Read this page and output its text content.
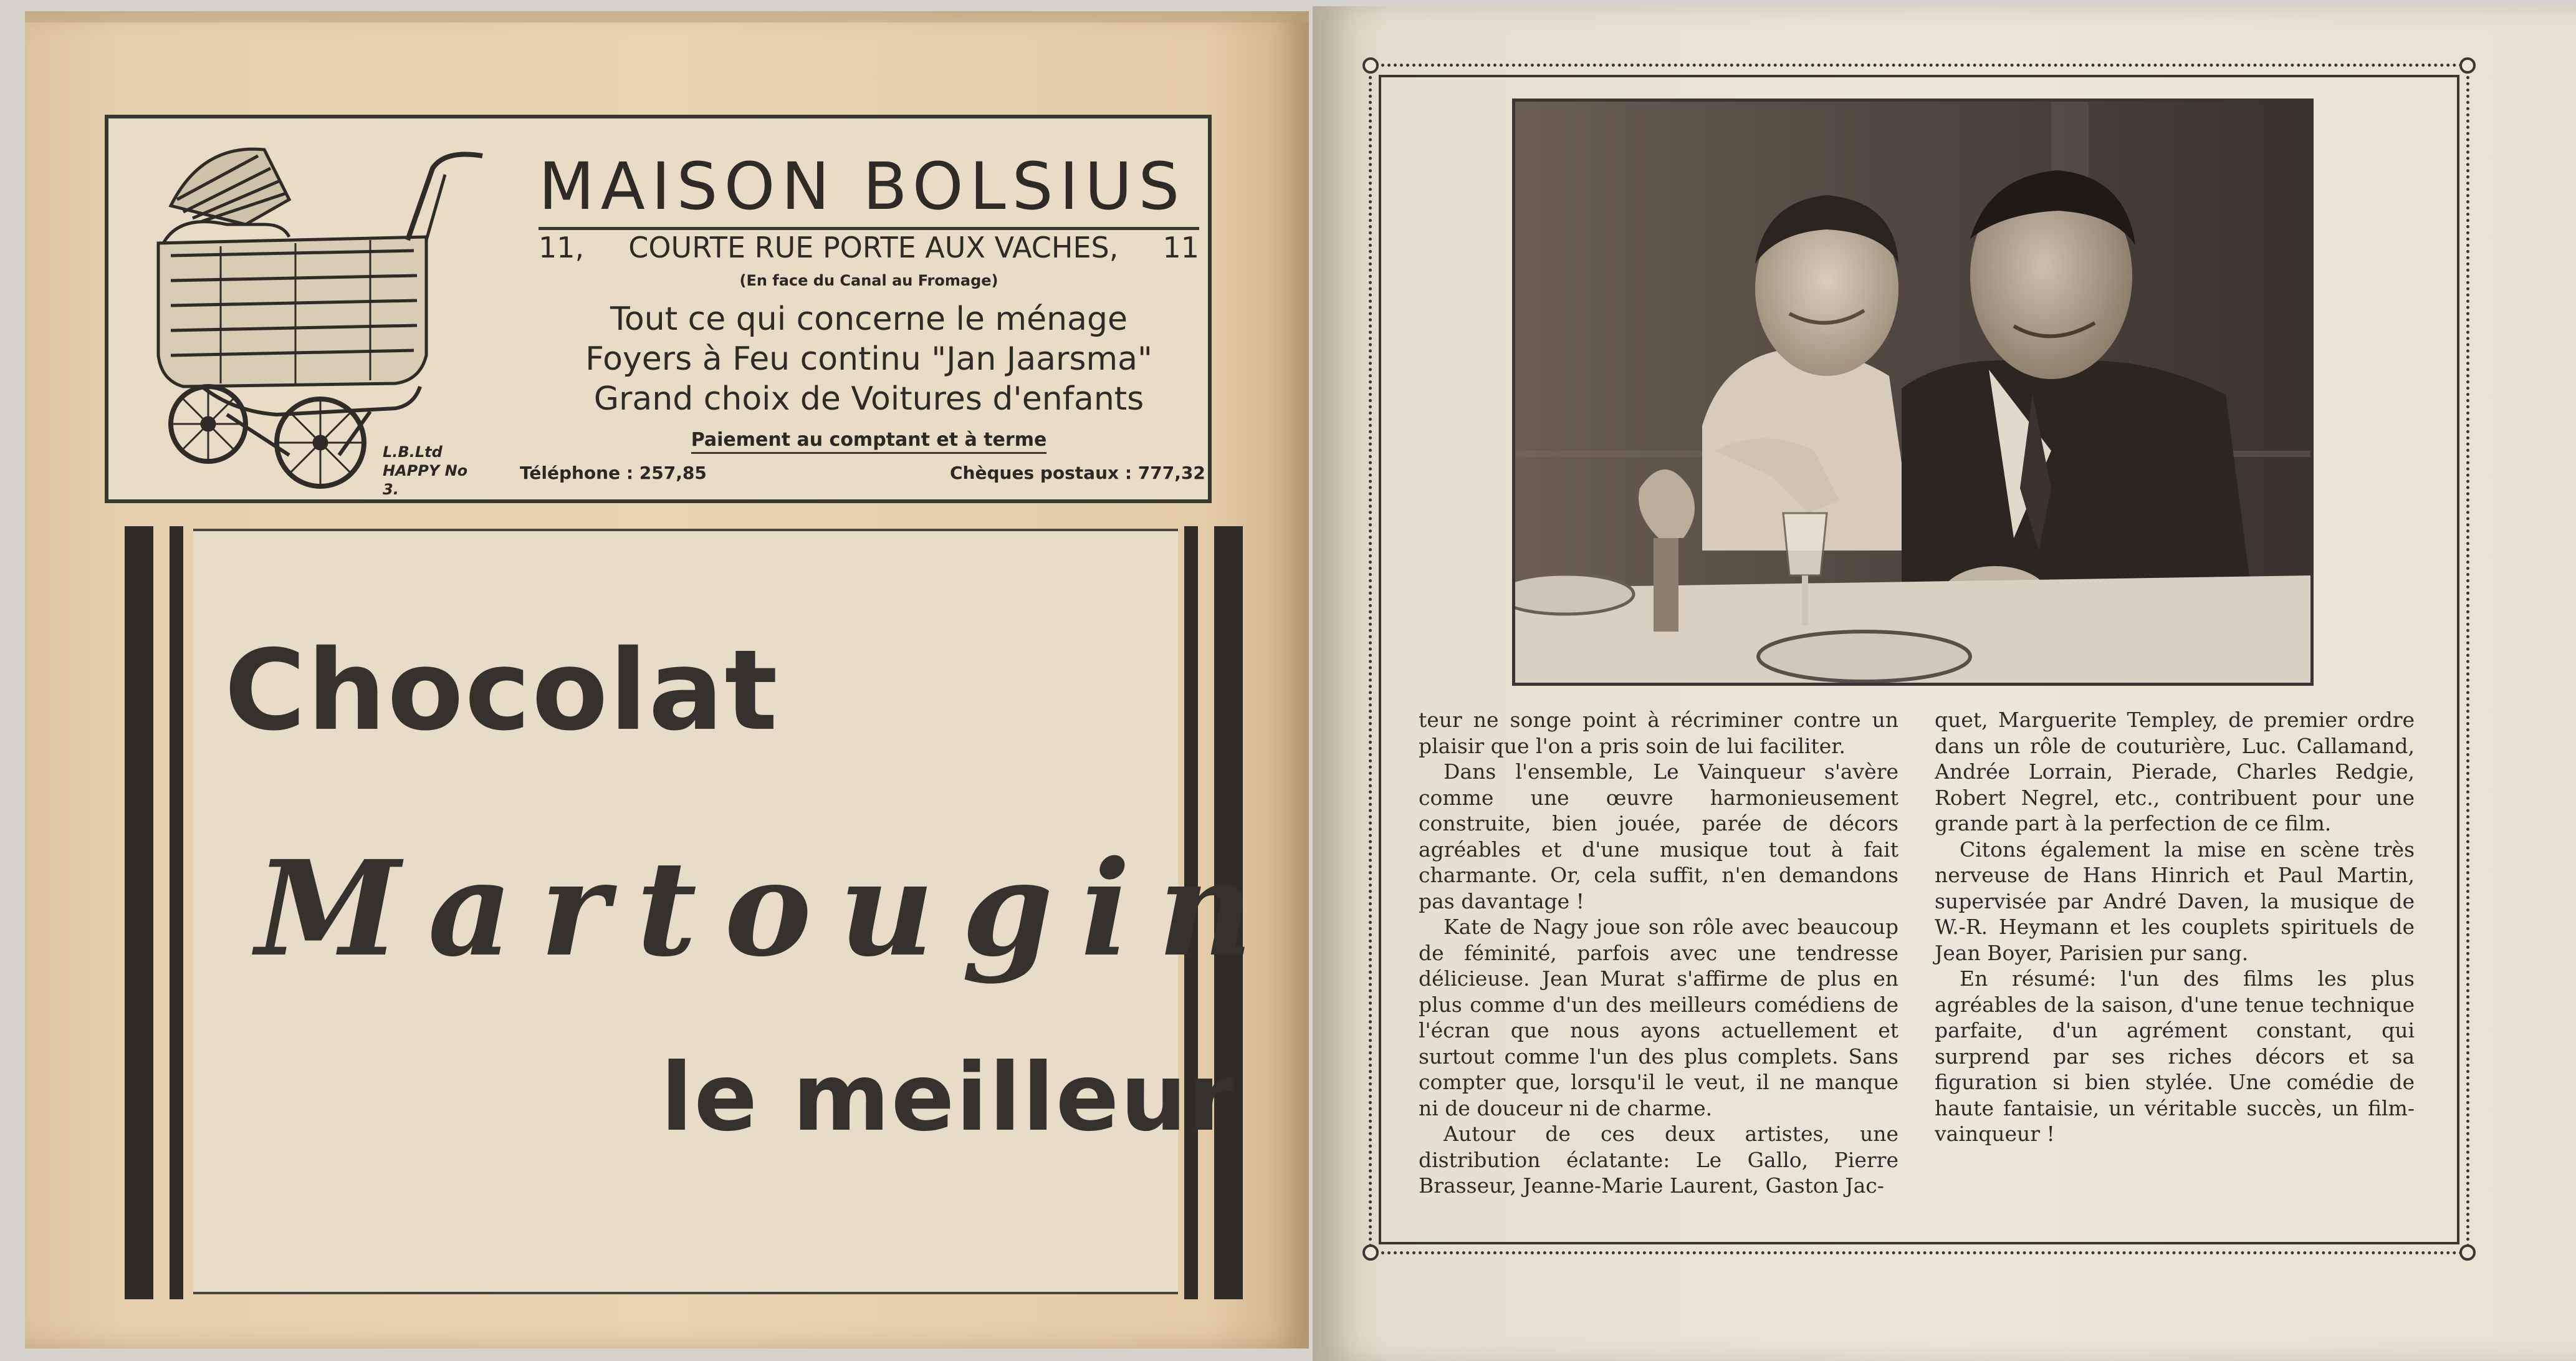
L.B.Ltd
HAPPY No 3.
MAISON BOLSIUS
11,	COURTE RUE PORTE AUX VACHES,	11
(En face du Canal au Fromage)
Tout ce qui concerne le ménage
Foyers à Feu continu "Jan Jaarsma"
Grand choix de Voitures d'enfants
Paiement au comptant et à terme
Téléphone : 257,85	Chèques postaux : 777,32
Chocolat
Martougin
le meilleur

teur ne songe point à récriminer contre un plaisir que l'on a pris soin de lui faciliter.

Dans l'ensemble, Le Vainqueur s'avère comme une œuvre harmonieusement construite, bien jouée, parée de décors agréables et d'une musique tout à fait charmante. Or, cela suffit, n'en demandons pas davantage !

Kate de Nagy joue son rôle avec beaucoup de féminité, parfois avec une tendresse délicieuse. Jean Murat s'affirme de plus en plus comme d'un des meilleurs comédiens de l'écran que nous ayons actuellement et surtout comme l'un des plus complets. Sans compter que, lorsqu'il le veut, il ne manque ni de douceur ni de charme.

Autour de ces deux artistes, une distribution éclatante: Le Gallo, Pierre Brasseur, Jeanne-Marie Laurent, Gaston Jac-

quet, Marguerite Templey, de premier ordre dans un rôle de couturière, Luc. Callamand, Andrée Lorrain, Pierade, Charles Redgie, Robert Negrel, etc., contribuent pour une grande part à la perfection de ce film.

Citons également la mise en scène très nerveuse de Hans Hinrich et Paul Martin, supervisée par André Daven, la musique de W.-R. Heymann et les couplets spirituels de Jean Boyer, Parisien pur sang.

En résumé: l'un des films les plus agréables de la saison, d'une tenue technique parfaite, d'un agrément constant, qui surprend par ses riches décors et sa figuration si bien stylée. Une comédie de haute fantaisie, un véritable succès, un film-vainqueur !
